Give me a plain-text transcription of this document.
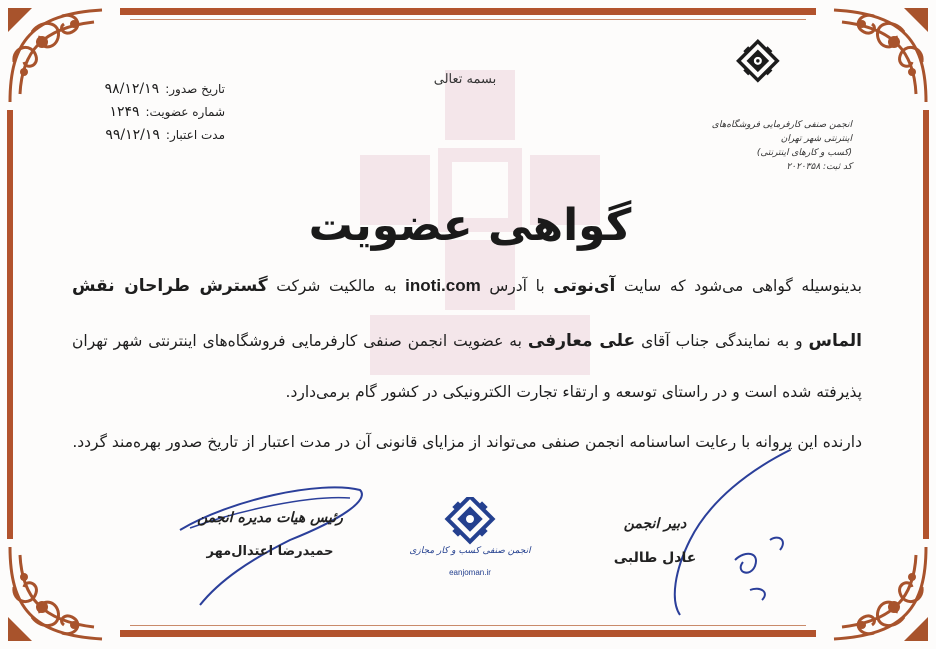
بسمه تعالی
تاریخ صدور:
۹۸/۱۲/۱۹
شماره عضویت:
۱۲۴۹
مدت اعتبار:
۹۹/۱۲/۱۹
انجمن صنفی کارفرمایی فروشگاه‌های اینترنتی شهر تهران
(کسب و کارهای اینترنتی)
کد ثبت: ۲۰۲۰۳۵۸
گواهی عضویت
بدینوسیله گواهی می‌شود که سایت آی‌نوتی با آدرس inoti.com به مالکیت شرکت گسترش طراحان نقش
الماس و به نمایندگی جناب آقای علی معارفی به عضویت انجمن صنفی کارفرمایی فروشگاه‌های اینترنتی شهر تهران
پذیرفته شده است و در راستای توسعه و ارتقاء تجارت الکترونیکی در کشور گام برمی‌دارد.
دارنده این پروانه با رعایت اساسنامه انجمن صنفی می‌تواند از مزایای قانونی آن در مدت اعتبار از تاریخ صدور بهره‌مند گردد.
رئیس هیات مدیره انجمن
حمیدرضا اعتدال‌مهر	انجمن صنفی کسب و کار مجازی
eanjoman.ir
دبیر انجمن
عادل طالبی
